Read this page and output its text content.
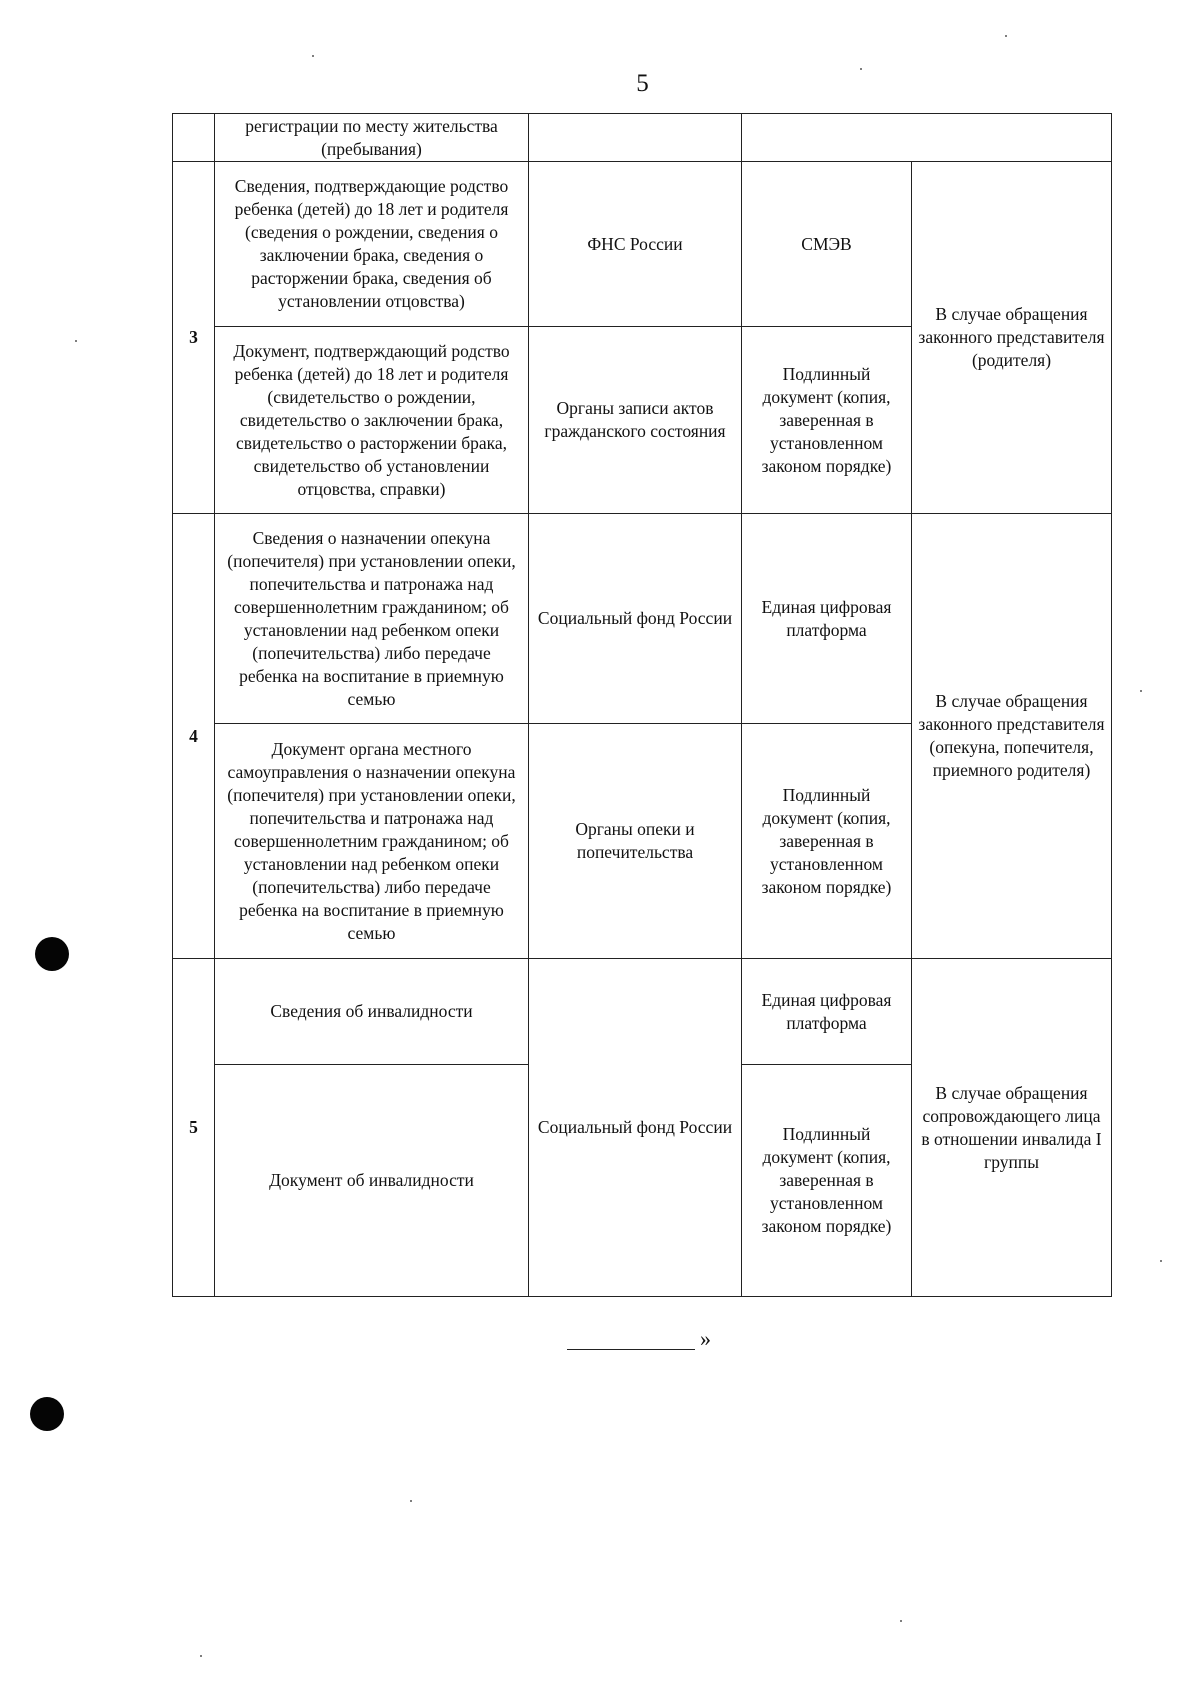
5
	регистрации по месту жительства (пребывания)			
3	Сведения, подтверждающие родство ребенка (детей) до 18 лет и родителя (сведения о рождении, сведения о заключении брака, сведения о расторжении брака, сведения об установлении отцовства)	ФНС России	СМЭВ	В случае обращения законного представителя (родителя)
	Документ, подтверждающий родство ребенка (детей) до 18 лет и родителя (свидетельство о рождении, свидетельство о заключении брака, свидетельство о расторжении брака, свидетельство об установлении отцовства, справки)	Органы записи актов гражданского состояния	Подлинный документ (копия, заверенная в установленном законом порядке)	
4	Сведения о назначении опекуна (попечителя) при установлении опеки, попечительства и патронажа над совершеннолетним гражданином; об установлении над ребенком опеки (попечительства) либо передаче ребенка на воспитание в приемную семью	Социальный фонд России	Единая цифровая платформа	В случае обращения законного представителя (опекуна, попечителя, приемного родителя)
	Документ органа местного самоуправления о назначении опекуна (попечителя) при установлении опеки, попечительства и патронажа над совершеннолетним гражданином; об установлении над ребенком опеки (попечительства) либо передаче ребенка на воспитание в приемную семью	Органы опеки и попечительства	Подлинный документ (копия, заверенная в установленном законом порядке)	
5	Сведения об инвалидности	Социальный фонд России	Единая цифровая платформа	В случае обращения сопровождающего лица в отношении инвалида I группы
	Документ об инвалидности		Подлинный документ (копия, заверенная в установленном законом порядке)	
»
